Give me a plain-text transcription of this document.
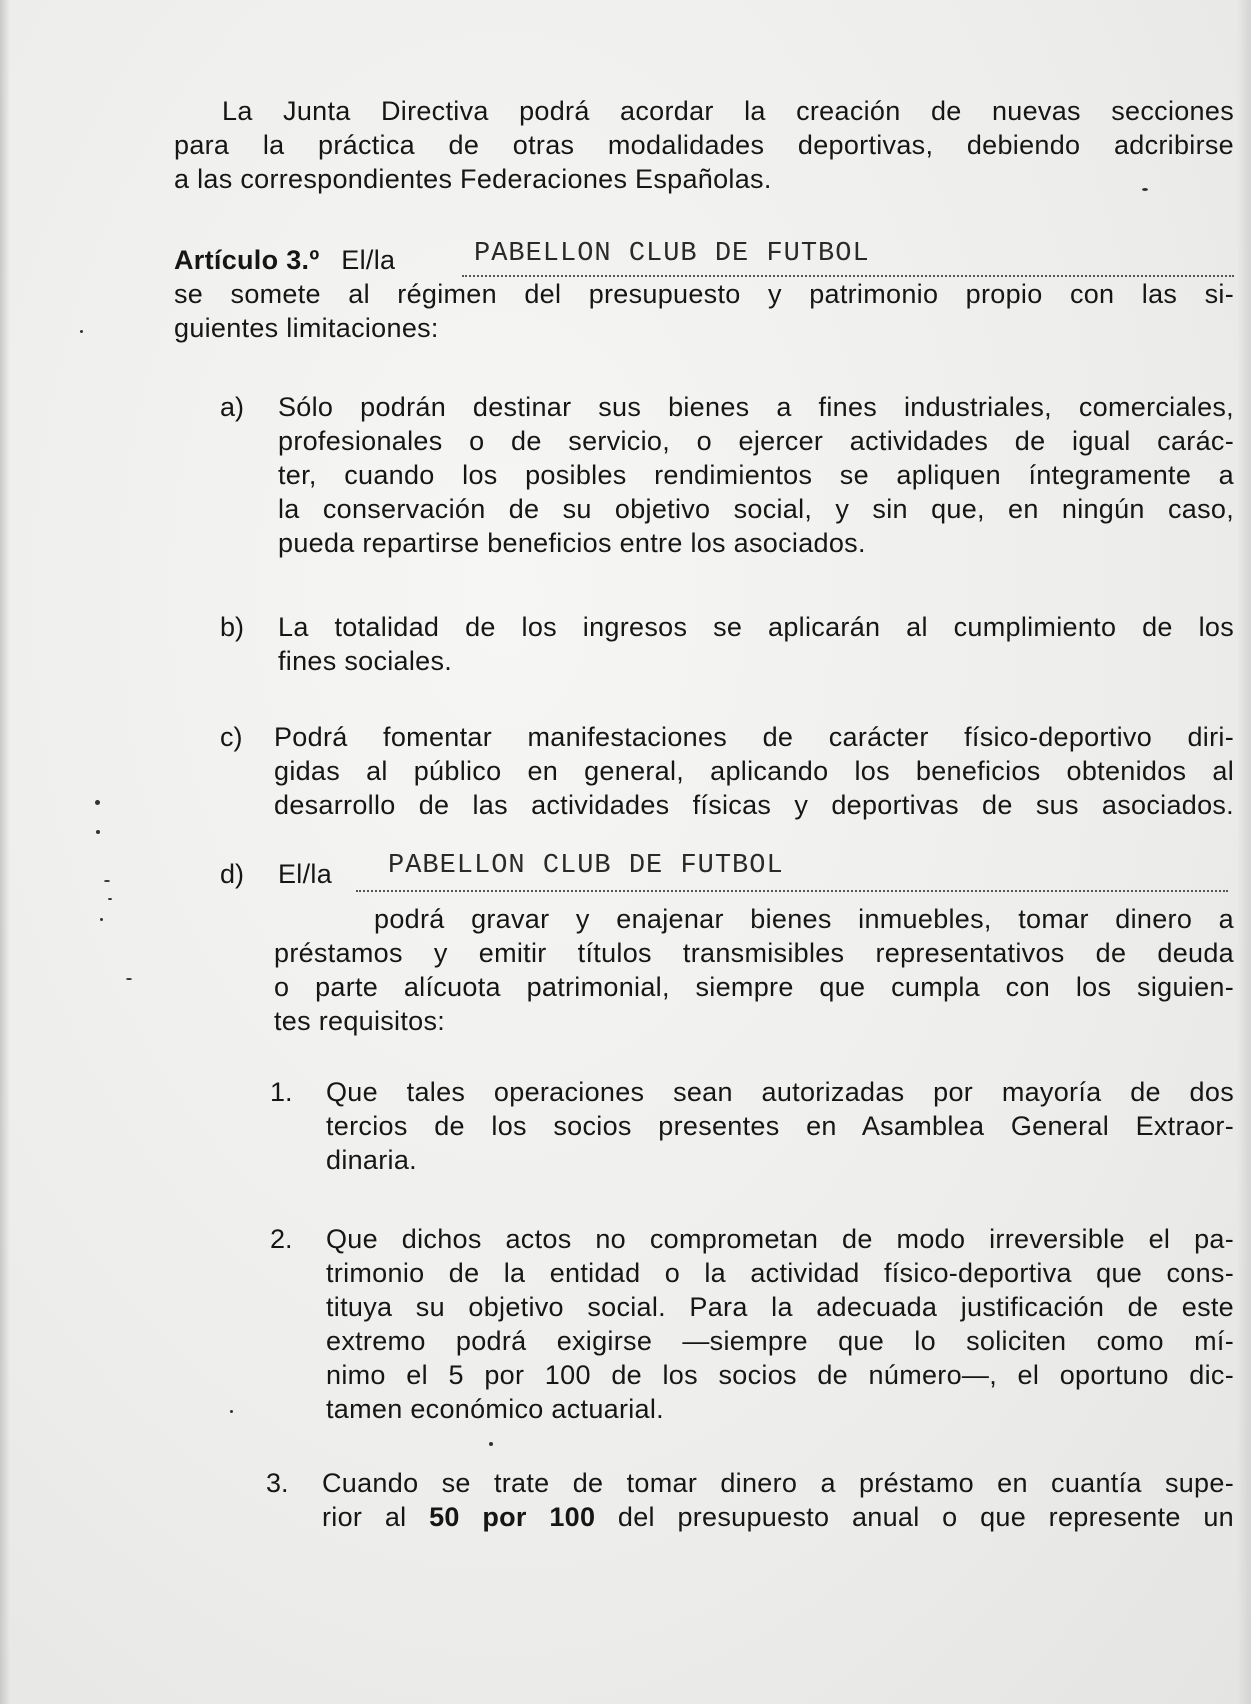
La Junta Directiva podrá acordar la creación de nuevas secciones
para la práctica de otras modalidades deportivas, debiendo adcribirse
a las correspondientes Federaciones Españolas.
Artículo 3.º El/la	PABELLON CLUB DE FUTBOL
se somete al régimen del presupuesto y patrimonio propio con las si-
guientes limitaciones:
a) Sólo podrán destinar sus bienes a fines industriales, comerciales,
profesionales o de servicio, o ejercer actividades de igual carác-
ter, cuando los posibles rendimientos se apliquen íntegramente a
la conservación de su objetivo social, y sin que, en ningún caso,
pueda repartirse beneficios entre los asociados.
b) La totalidad de los ingresos se aplicarán al cumplimiento de los
fines sociales.
c) Podrá fomentar manifestaciones de carácter físico-deportivo diri-
gidas al público en general, aplicando los beneficios obtenidos al
desarrollo de las actividades físicas y deportivas de sus asociados.
d) El/la PABELLON CLUB DE FUTBOL
podrá gravar y enajenar bienes inmuebles, tomar dinero a
préstamos y emitir títulos transmisibles representativos de deuda
o parte alícuota patrimonial, siempre que cumpla con los siguien-
tes requisitos:
1. Que tales operaciones sean autorizadas por mayoría de dos
tercios de los socios presentes en Asamblea General Extraor-
dinaria.
2. Que dichos actos no comprometan de modo irreversible el pa-
trimonio de la entidad o la actividad físico-deportiva que cons-
tituya su objetivo social. Para la adecuada justificación de este
extremo podrá exigirse —siempre que lo soliciten como mí-
nimo el 5 por 100 de los socios de número—, el oportuno dic-
tamen económico actuarial.
3. Cuando se trate de tomar dinero a préstamo en cuantía supe-
rior al 50 por 100 del presupuesto anual o que represente un
